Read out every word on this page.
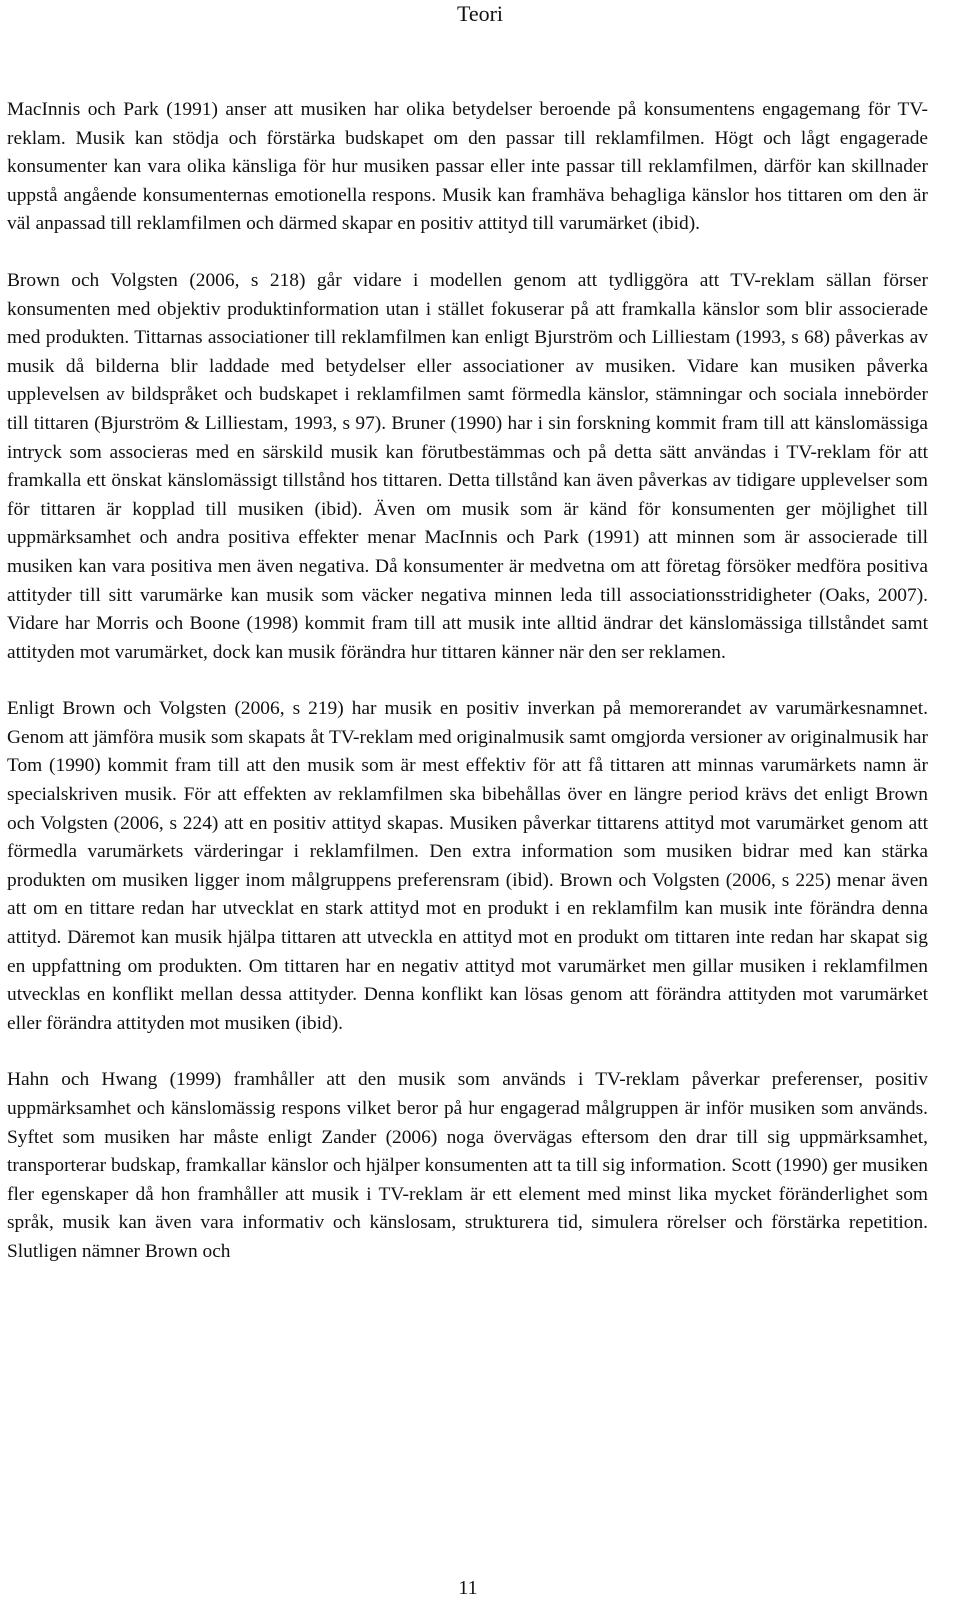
Teori

MacInnis och Park (1991) anser att musiken har olika betydelser beroende på konsumentens engagemang för TV-reklam. Musik kan stödja och förstärka budskapet om den passar till reklamfilmen. Högt och lågt engagerade konsumenter kan vara olika känsliga för hur musiken passar eller inte passar till reklamfilmen, därför kan skillnader uppstå angående konsumenternas emotionella respons. Musik kan framhäva behagliga känslor hos tittaren om den är väl anpassad till reklamfilmen och därmed skapar en positiv attityd till varumärket (ibid).

Brown och Volgsten (2006, s 218) går vidare i modellen genom att tydliggöra att TV-reklam sällan förser konsumenten med objektiv produktinformation utan i stället fokuserar på att framkalla känslor som blir associerade med produkten. Tittarnas associationer till reklamfilmen kan enligt Bjurström och Lilliestam (1993, s 68) påverkas av musik då bilderna blir laddade med betydelser eller associationer av musiken. Vidare kan musiken påverka upplevelsen av bildspråket och budskapet i reklamfilmen samt förmedla känslor, stämningar och sociala innebörder till tittaren (Bjurström & Lilliestam, 1993, s 97). Bruner (1990) har i sin forskning kommit fram till att känslomässiga intryck som associeras med en särskild musik kan förutbestämmas och på detta sätt användas i TV-reklam för att framkalla ett önskat känslomässigt tillstånd hos tittaren. Detta tillstånd kan även påverkas av tidigare upplevelser som för tittaren är kopplad till musiken (ibid). Även om musik som är känd för konsumenten ger möjlighet till uppmärksamhet och andra positiva effekter menar MacInnis och Park (1991) att minnen som är associerade till musiken kan vara positiva men även negativa. Då konsumenter är medvetna om att företag försöker medföra positiva attityder till sitt varumärke kan musik som väcker negativa minnen leda till associationsstridigheter (Oaks, 2007). Vidare har Morris och Boone (1998) kommit fram till att musik inte alltid ändrar det känslomässiga tillståndet samt attityden mot varumärket, dock kan musik förändra hur tittaren känner när den ser reklamen.

Enligt Brown och Volgsten (2006, s 219) har musik en positiv inverkan på memorerandet av varumärkesnamnet. Genom att jämföra musik som skapats åt TV-reklam med originalmusik samt omgjorda versioner av originalmusik har Tom (1990) kommit fram till att den musik som är mest effektiv för att få tittaren att minnas varumärkets namn är specialskriven musik. För att effekten av reklamfilmen ska bibehållas över en längre period krävs det enligt Brown och Volgsten (2006, s 224) att en positiv attityd skapas. Musiken påverkar tittarens attityd mot varumärket genom att förmedla varumärkets värderingar i reklamfilmen. Den extra information som musiken bidrar med kan stärka produkten om musiken ligger inom målgruppens preferensram (ibid). Brown och Volgsten (2006, s 225) menar även att om en tittare redan har utvecklat en stark attityd mot en produkt i en reklamfilm kan musik inte förändra denna attityd. Däremot kan musik hjälpa tittaren att utveckla en attityd mot en produkt om tittaren inte redan har skapat sig en uppfattning om produkten. Om tittaren har en negativ attityd mot varumärket men gillar musiken i reklamfilmen utvecklas en konflikt mellan dessa attityder. Denna konflikt kan lösas genom att förändra attityden mot varumärket eller förändra attityden mot musiken (ibid).

Hahn och Hwang (1999) framhåller att den musik som används i TV-reklam påverkar preferenser, positiv uppmärksamhet och känslomässig respons vilket beror på hur engagerad målgruppen är inför musiken som används. Syftet som musiken har måste enligt Zander (2006) noga övervägas eftersom den drar till sig uppmärksamhet, transporterar budskap, framkallar känslor och hjälper konsumenten att ta till sig information. Scott (1990) ger musiken fler egenskaper då hon framhåller att musik i TV-reklam är ett element med minst lika mycket föränderlighet som språk, musik kan även vara informativ och känslosam, strukturera tid, simulera rörelser och förstärka repetition. Slutligen nämner Brown och

11
